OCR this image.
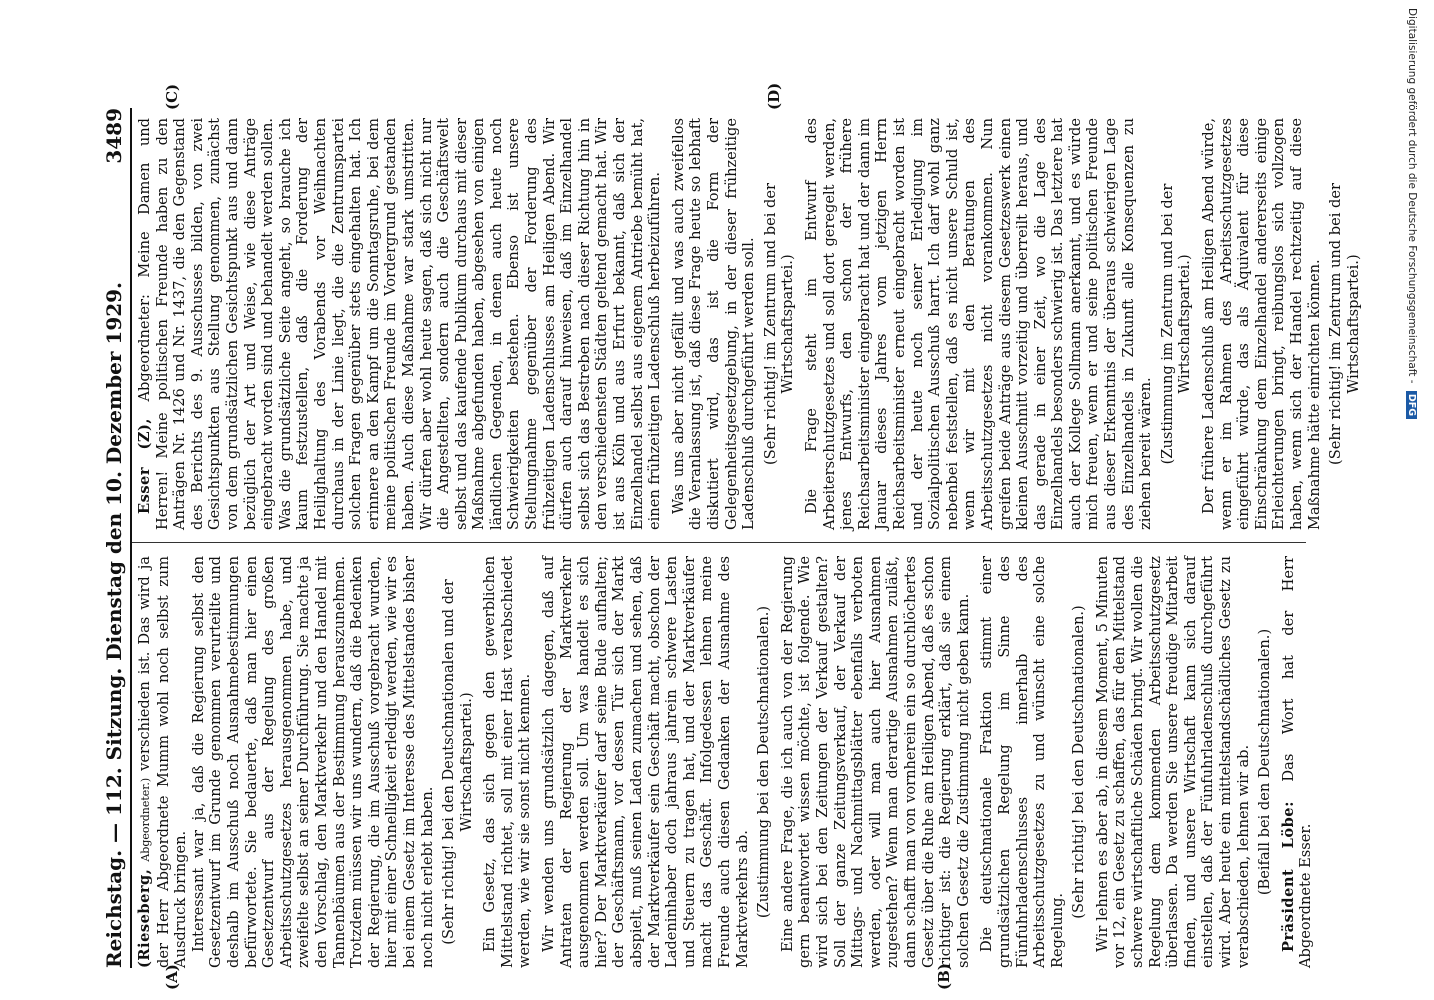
Reichstag. — 112. Sitzung. Dienstag den 10. Dezember 1929.
3489
(A)	(B)

(Rieseberg, Abgeordneter.) verschieden ist. Das wird ja der Herr Abgeordnete Mumm wohl noch selbst zum Ausdruck bringen. Interessant war ja, daß die Regierung selbst den Gesetzentwurf im Grunde genommen verurteilte und deshalb im Ausschuß noch Ausnahmebestimmungen befürwortete. Sie bedauerte, daß man hier einen Gesetzentwurf aus der Regelung des großen Arbeitsschutzgesetzes herausgenommen habe, und zweifelte selbst an seiner Durchführung. Sie machte ja den Vorschlag, den Marktverkehr und den Handel mit Tannenbäumen aus der Bestimmung herauszunehmen. Trotzdem müssen wir uns wundern, daß die Bedenken der Regierung, die im Ausschuß vorgebracht wurden, hier mit einer Schnelligkeit erledigt werden, wie wir es bei einem Gesetz im Interesse des Mittelstandes bisher noch nicht erlebt haben. (Sehr richtig! bei den Deutschnationalen und der Wirtschaftspartei.) Ein Gesetz, das sich gegen den gewerblichen Mittelstand richtet, soll mit einer Hast verabschiedet werden, wie wir sie sonst nicht kennen. Wir wenden uns grundsätzlich dagegen, daß auf Antraten der Regierung der Marktverkehr ausgenommen werden soll. Um was handelt es sich hier? Der Marktverkäufer darf seine Bude aufhalten; der Geschäftsmann, vor dessen Tür sich der Markt abspielt, muß seinen Laden zumachen und sehen, daß der Marktverkäufer sein Geschäft macht, obschon der Ladeninhaber doch jahraus jahrein schwere Lasten und Steuern zu tragen hat, und der Marktverkäufer macht das Geschäft. Infolgedessen lehnen meine Freunde auch diesen Gedanken der Ausnahme des Marktverkehrs ab. (Zustimmung bei den Deutschnationalen.) Eine andere Frage, die ich auch von der Regierung gern beantwortet wissen möchte, ist folgende. Wie wird sich bei den Zeitungen der Verkauf gestalten? Soll der ganze Zeitungsverkauf, der Verkauf der Mittags- und Nachmittagsblätter ebenfalls verboten werden, oder will man auch hier Ausnahmen zugestehen? Wenn man derartige Ausnahmen zuläßt, dann schafft man von vornherein ein so durchlöchertes Gesetz über die Ruhe am Heiligen Abend, daß es schon richtiger ist: die Regierung erklärt, daß sie einem solchen Gesetz die Zustimmung nicht geben kann. Die deutschnationale Fraktion stimmt einer grundsätzlichen Regelung im Sinne des Fünfuhrladenschlusses innerhalb des Arbeitsschutzgesetzes zu und wünscht eine solche Regelung.

(Sehr richtig! bei den Deutschnationalen.) Wir lehnen es aber ab, in diesem Moment, 5 Minuten vor 12, ein Gesetz zu schaffen, das für den Mittelstand schwere wirtschaftliche Schäden bringt. Wir wollen die Regelung dem kommenden Arbeitsschutzgesetz überlassen. Da werden Sie unsere freudige Mitarbeit finden, und unsere Wirtschaft kann sich darauf einstellen, daß der Fünfuhrladenschluß durchgeführt wird. Aber heute ein mittelstandschädliches Gesetz zu verabschieden, lehnen wir ab. (Beifall bei den Deutschnationalen.) Präsident Löbe: Das Wort hat der Herr Abgeordnete Esser.

(C)	(D)

Esser (Z), Abgeordneter: Meine Damen und Herren! Meine politischen Freunde haben zu den Anträgen Nr. 1426 und Nr. 1437, die den Gegenstand des Berichts des 9. Ausschusses bilden, von zwei Gesichtspunkten aus Stellung genommen, zunächst von dem grundsätzlichen Gesichtspunkt aus und dann bezüglich der Art und Weise, wie diese Anträge eingebracht worden sind und behandelt werden sollen. Was die grundsätzliche Seite angeht, so brauche ich kaum festzustellen, daß die Forderung der Heilighaltung des Vorabends vor Weihnachten durchaus in der Linie liegt, die die Zentrumspartei solchen Fragen gegenüber stets eingehalten hat. Ich erinnere an den Kampf um die Sonntagsruhe, bei dem meine politischen Freunde im Vordergrund gestanden haben. Auch diese Maßnahme war stark umstritten. Wir dürfen aber wohl heute sagen, daß sich nicht nur die Angestellten, sondern auch die Geschäftswelt selbst und das kaufende Publikum durchaus mit dieser Maßnahme abgefunden haben, abgesehen von einigen ländlichen Gegenden, in denen auch heute noch Schwierigkeiten bestehen. Ebenso ist unsere Stellungnahme gegenüber der Forderung des frühzeitigen Ladenschlusses am Heiligen Abend. Wir dürfen auch darauf hinweisen, daß im Einzelhandel selbst sich das Bestreben nach dieser Richtung hin in den verschiedensten Städten geltend gemacht hat. Wir ist aus Köln und aus Erfurt bekannt, daß sich der Einzelhandel selbst aus eigenem Antriebe bemüht hat, einen frühzeitigen Ladenschluß herbeizuführen. Was uns aber nicht gefällt und was auch zweifellos die Veranlassung ist, daß diese Frage heute so lebhaft diskutiert wird, das ist die Form der Gelegenheitsgesetzgebung, in der dieser frühzeitige Ladenschluß durchgeführt werden soll. (Sehr richtig! im Zentrum und bei der Wirtschaftspartei.) Die Frage steht im Entwurf des Arbeiterschutzgesetzes und soll dort geregelt werden, jenes Entwurfs, den schon der frühere Reichsarbeitsminister eingebracht hat und der dann im Januar dieses Jahres vom jetzigen Herrn Reichsarbeitsminister erneut eingebracht worden ist und der heute noch seiner Erledigung im Sozialpolitischen Ausschuß harrt. Ich darf wohl ganz nebenbei feststellen, daß es nicht unsere Schuld ist, wenn wir mit den Beratungen des Arbeitsschutzgesetzes nicht vorankommen. Nun greifen beide Anträge aus diesem Gesetzeswerk einen kleinen Ausschnitt vorzeitig und überreilt heraus, und das gerade in einer Zeit, wo die Lage des Einzelhandels besonders schwierig ist. Das letztere hat auch der Kollege Sollmann anerkannt, und es würde mich freuen, wenn er und seine politischen Freunde aus dieser Erkenntnis der überaus schwierigen Lage des Einzelhandels in Zukunft alle Konsequenzen zu ziehen bereit wären. (Zustimmung im Zentrum und bei der Wirtschaftspartei.) Der frühere Ladenschluß am Heiligen Abend würde, wenn er im Rahmen des Arbeitsschutzgesetzes eingeführt würde, das als Äquivalent für diese Einschränkung dem Einzelhandel andererseits einige Erleichterungen bringt, reibungslos sich vollzogen haben, wenn sich der Handel rechtzeitig auf diese Maßnahme hätte einrichten können. (Sehr richtig! im Zentrum und bei der Wirtschaftspartei.)	Digitalisierung gefördert durch die Deutsche Forschungsgemeinschaft - DFG
